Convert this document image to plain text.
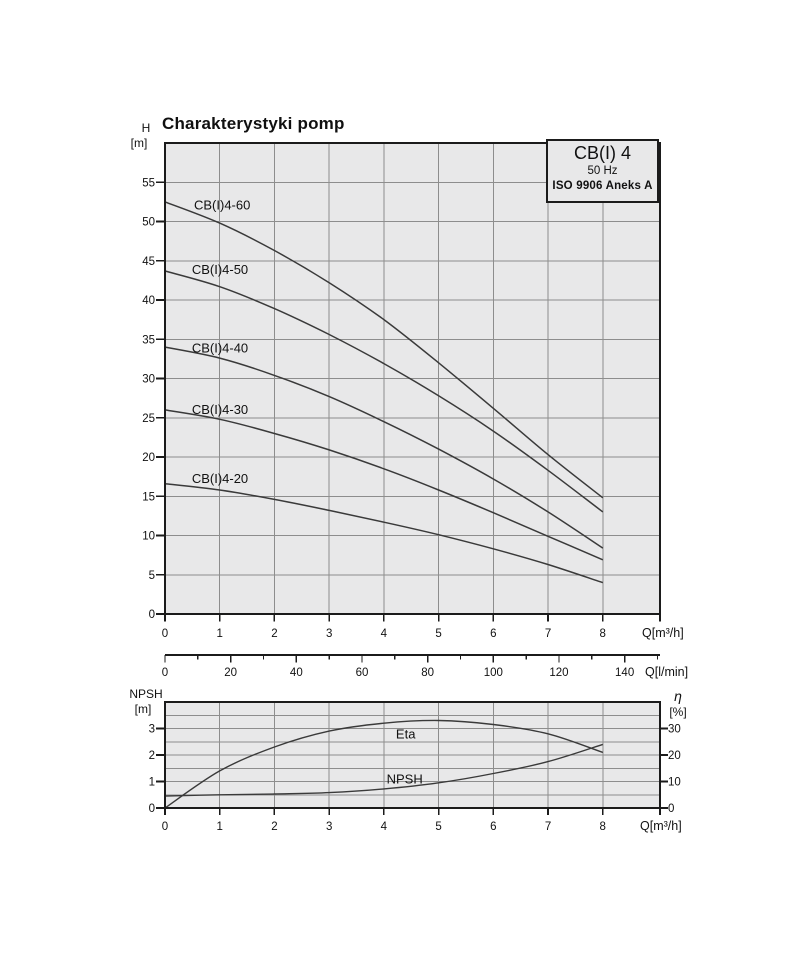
Charakterystyki pomp
CB(I) 4
50 Hz
ISO 9906 Aneks A
0
5
10
15
20
25
30
35
40
45
50
55
0	1	2	3	4	5	6	7	8	Q[m³/h]
H
[m]
CB(I)4-60
CB(I)4-50
CB(I)4-40
CB(I)4-30
CB(I)4-20
0	20	40	60	80	100	120	140 Q[l/min]
0
1
2
3
0
10
20
30
0	1	2	3	4	5	6	7	8	Q[m³/h]
NPSH
[m]
η
[%]
Eta
NPSH
